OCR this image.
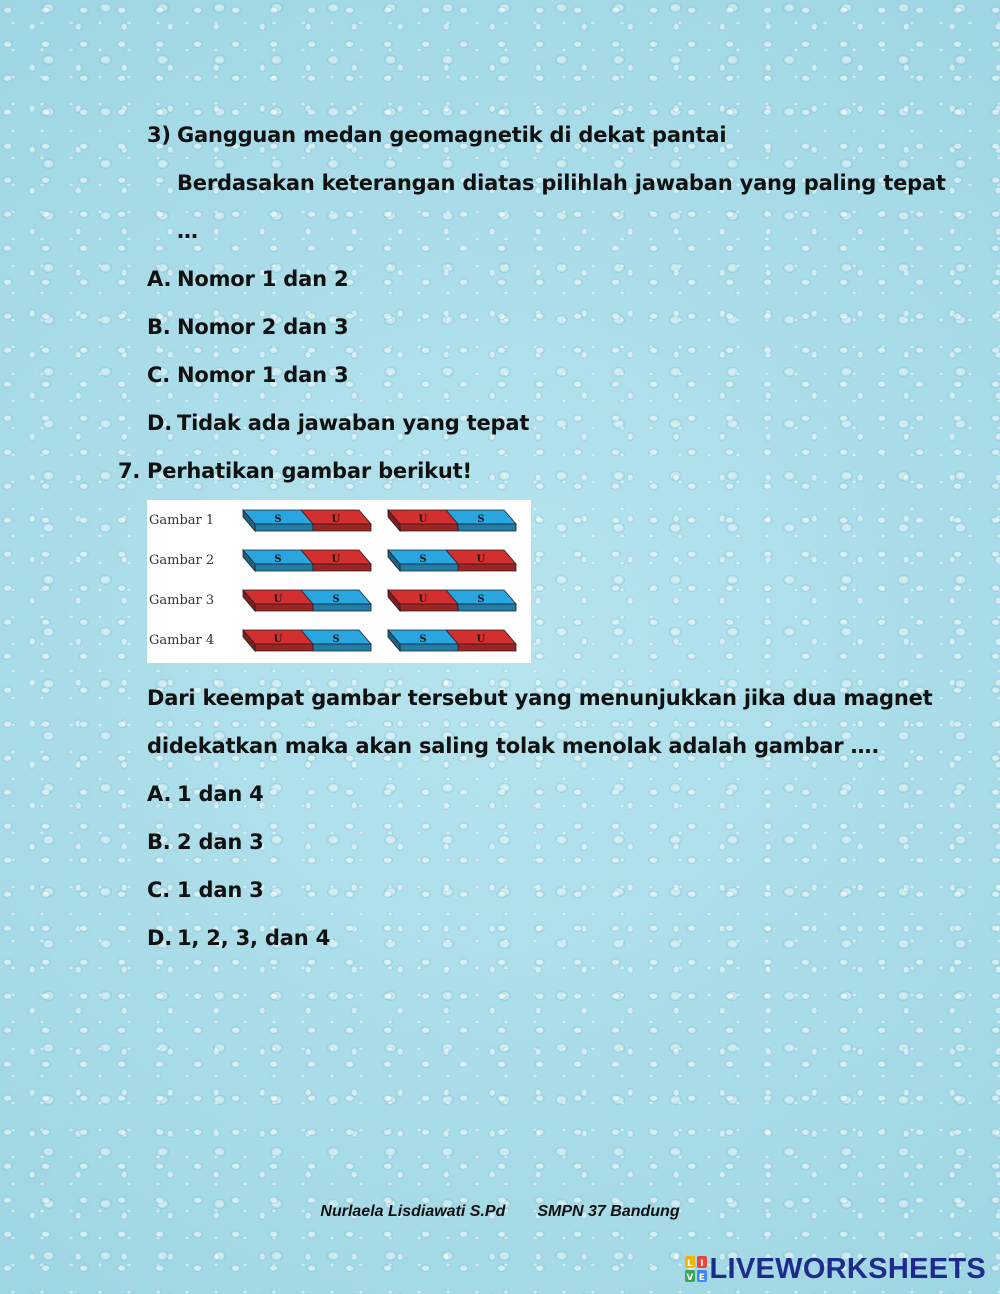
3) Gangguan medan geomagnetik di dekat pantai
Berdasakan keterangan diatas pilihlah jawaban yang paling tepat
…
A. Nomor 1 dan 2
B. Nomor 2 dan 3
C. Nomor 1 dan 3
D. Tidak ada jawaban yang tepat
7. Perhatikan gambar berikut!
Gambar 1	S	U	U	S
Gambar 2	S	U	S	U
Gambar 3	U	S	U	S
Gambar 4	U	S	S	U
Dari keempat gambar tersebut yang menunjukkan jika dua magnet
didekatkan maka akan saling tolak menolak adalah gambar ….
A. 1 dan 4
B. 2 dan 3
C. 1 dan 3
D. 1, 2, 3, dan 4
Nurlaela Lisdiawati S.Pd SMPN 37 Bandung
L I
V E LIVEWORKSHEETS
